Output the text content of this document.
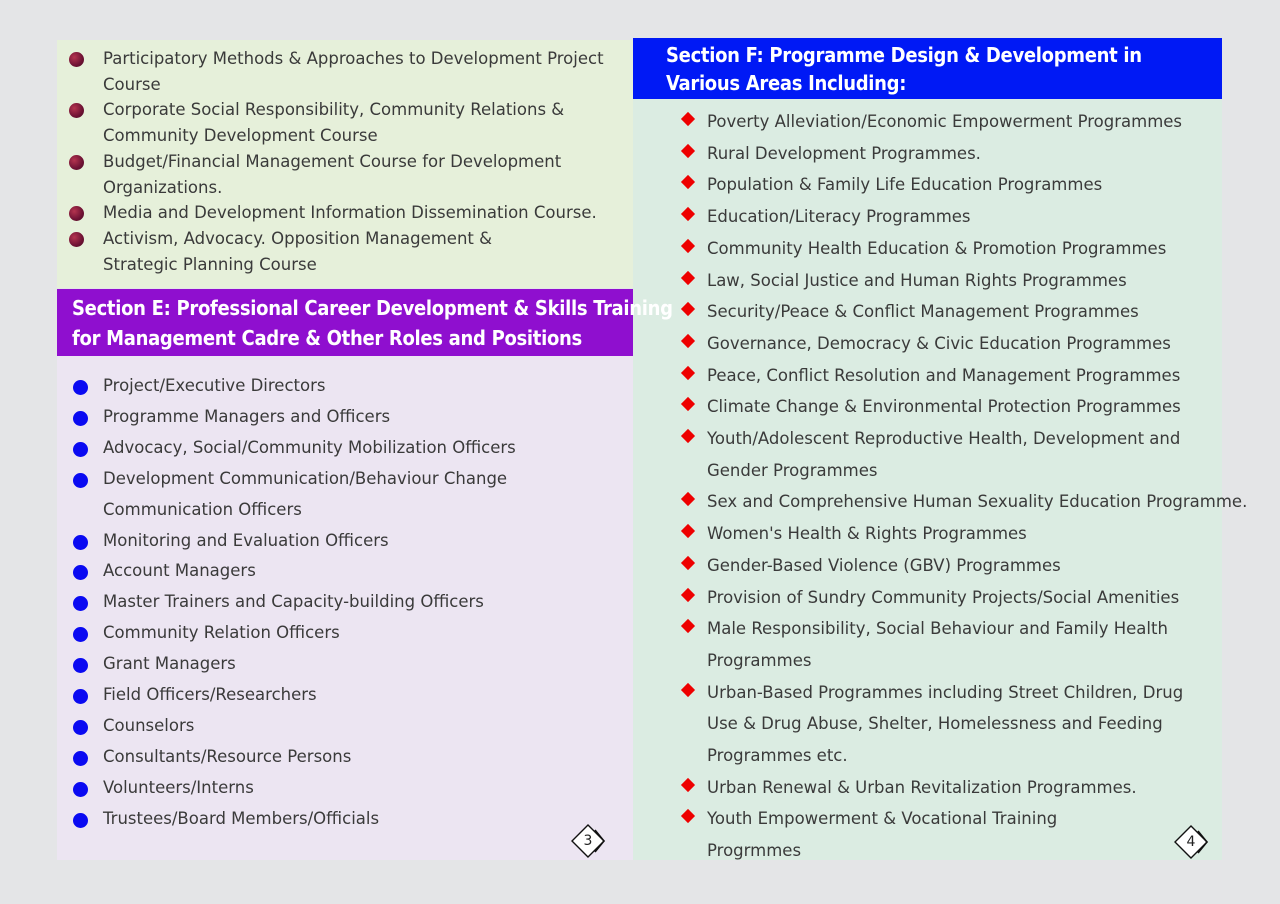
Section E: Professional Career Development & Skills Training
for Management Cadre & Other Roles and Positions
Section F: Programme Design & Development in
Various Areas Including:
Participatory Methods & Approaches to Development Project
Course
Corporate Social Responsibility, Community Relations &
Community Development Course
Budget/Financial Management Course for Development
Organizations.
Media and Development Information Dissemination Course.
Activism, Advocacy. Opposition Management &
Strategic Planning Course
Project/Executive Directors
Programme Managers and Officers
Advocacy, Social/Community Mobilization Officers
Development Communication/Behaviour Change
Communication Officers
Monitoring and Evaluation Officers
Account Managers
Master Trainers and Capacity-building Officers
Community Relation Officers
Grant Managers
Field Officers/Researchers
Counselors
Consultants/Resource Persons
Volunteers/Interns
Trustees/Board Members/Officials
Poverty Alleviation/Economic Empowerment Programmes
Rural Development Programmes.
Population & Family Life Education Programmes
Education/Literacy Programmes
Community Health Education & Promotion Programmes
Law, Social Justice and Human Rights Programmes
Security/Peace & Conflict Management Programmes
Governance, Democracy & Civic Education Programmes
Peace, Conflict Resolution and Management Programmes
Climate Change & Environmental Protection Programmes
Youth/Adolescent Reproductive Health, Development and
Gender Programmes
Sex and Comprehensive Human Sexuality Education Programme.
Women's Health & Rights Programmes
Gender-Based Violence (GBV) Programmes
Provision of Sundry Community Projects/Social Amenities
Male Responsibility, Social Behaviour and Family Health
Programmes
Urban-Based Programmes including Street Children, Drug
Use & Drug Abuse, Shelter, Homelessness and Feeding
Programmes etc.
Urban Renewal & Urban Revitalization Programmes.
Youth Empowerment & Vocational Training
Progrmmes
3	4
